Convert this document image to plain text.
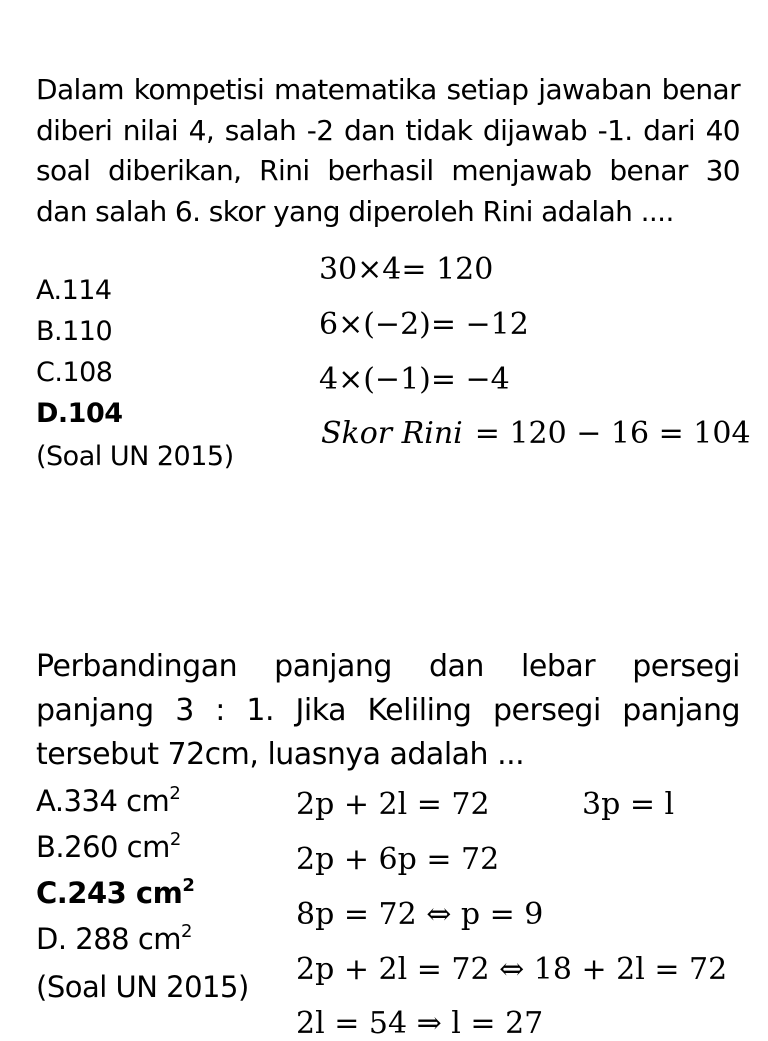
Dalam kompetisi matematika setiap jawaban benar diberi nilai 4, salah -2 dan tidak dijawab -1. dari 40 soal diberikan, Rini berhasil menjawab benar 30 dan salah 6. skor yang diperoleh Rini adalah ....
A.114
B.110
C.108
D.104
(Soal UN 2015)
30×4= 120
6×(−2)= −12
4×(−1)= −4
Skor Rini = 120 − 16 = 104
Perbandingan panjang dan lebar persegi panjang 3 : 1. Jika Keliling persegi panjang tersebut 72cm, luasnya adalah ...
A.334 $cm^2$
B.260 $cm^2$
C.243 $cm^2$
D. 288 $cm^2$
(Soal UN 2015)
2p + 2l = 72	3p = l
2p + 6p = 72
8p = 72 ⇔ p = 9
2p + 2l = 72 ⇔ 18 + 2l = 72
2l = 54 ⇒ l = 27
